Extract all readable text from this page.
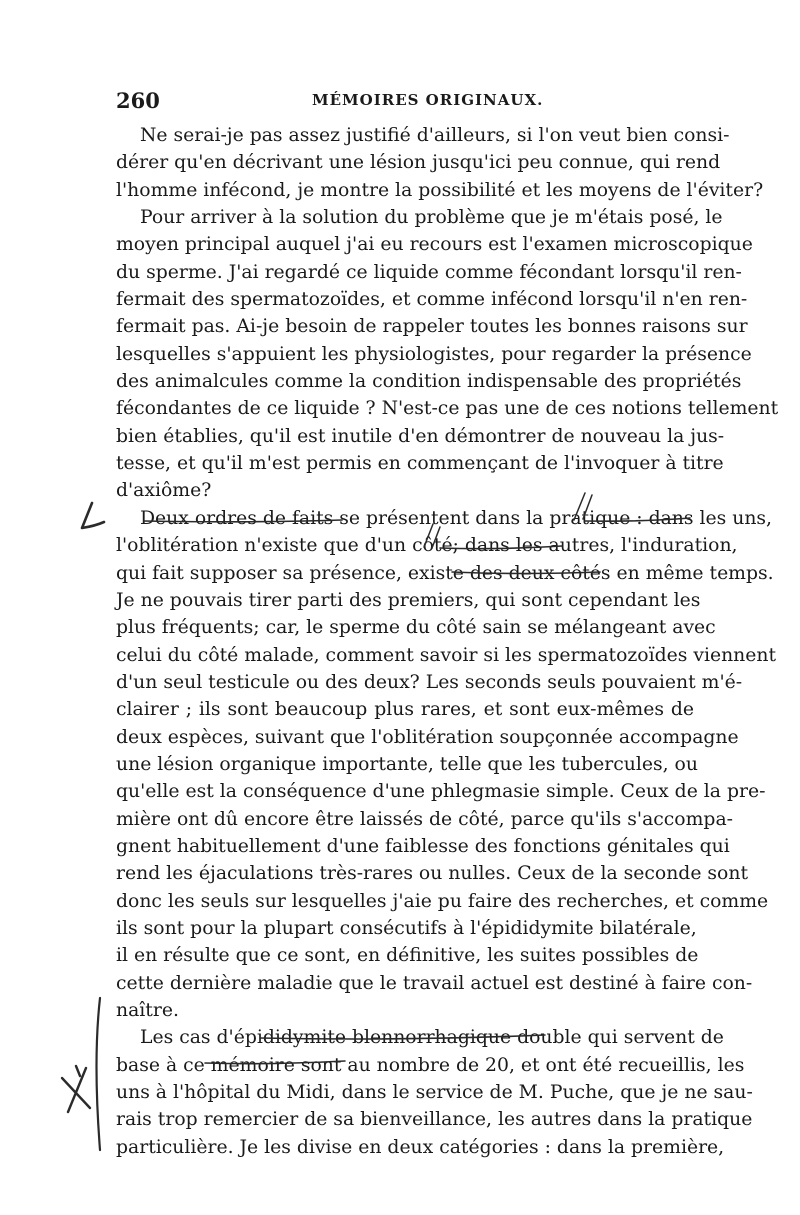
260	MÉMOIRES ORIGINAUX.
Ne serai-je pas assez justifié d'ailleurs, si l'on veut bien consi-
dérer qu'en décrivant une lésion jusqu'ici peu connue, qui rend
l'homme infécond, je montre la possibilité et les moyens de l'éviter?
Pour arriver à la solution du problème que je m'étais posé, le
moyen principal auquel j'ai eu recours est l'examen microscopique
du sperme. J'ai regardé ce liquide comme fécondant lorsqu'il ren-
fermait des spermatozoïdes, et comme infécond lorsqu'il n'en ren-
fermait pas. Ai-je besoin de rappeler toutes les bonnes raisons sur
lesquelles s'appuient les physiologistes, pour regarder la présence
des animalcules comme la condition indispensable des propriétés
fécondantes de ce liquide ? N'est-ce pas une de ces notions tellement
bien établies, qu'il est inutile d'en démontrer de nouveau la jus-
tesse, et qu'il m'est permis en commençant de l'invoquer à titre
d'axiôme?
Deux ordres de faits se présentent dans la pratique : dans les uns,
l'oblitération n'existe que d'un côté; dans les autres, l'induration,
qui fait supposer sa présence, existe des deux côtés en même temps.
Je ne pouvais tirer parti des premiers, qui sont cependant les
plus fréquents; car, le sperme du côté sain se mélangeant avec
celui du côté malade, comment savoir si les spermatozoïdes viennent
d'un seul testicule ou des deux? Les seconds seuls pouvaient m'é-
clairer ; ils sont beaucoup plus rares, et sont eux-mêmes de
deux espèces, suivant que l'oblitération soupçonnée accompagne
une lésion organique importante, telle que les tubercules, ou
qu'elle est la conséquence d'une phlegmasie simple. Ceux de la pre-
mière ont dû encore être laissés de côté, parce qu'ils s'accompa-
gnent habituellement d'une faiblesse des fonctions génitales qui
rend les éjaculations très-rares ou nulles. Ceux de la seconde sont
donc les seuls sur lesquelles j'aie pu faire des recherches, et comme
ils sont pour la plupart consécutifs à l'épididymite bilatérale,
il en résulte que ce sont, en définitive, les suites possibles de
cette dernière maladie que le travail actuel est destiné à faire con-
naître.
Les cas d'épididymite blennorrhagique double qui servent de
base à ce mémoire sont au nombre de 20, et ont été recueillis, les
uns à l'hôpital du Midi, dans le service de M. Puche, que je ne sau-
rais trop remercier de sa bienveillance, les autres dans la pratique
particulière. Je les divise en deux catégories : dans la première,
